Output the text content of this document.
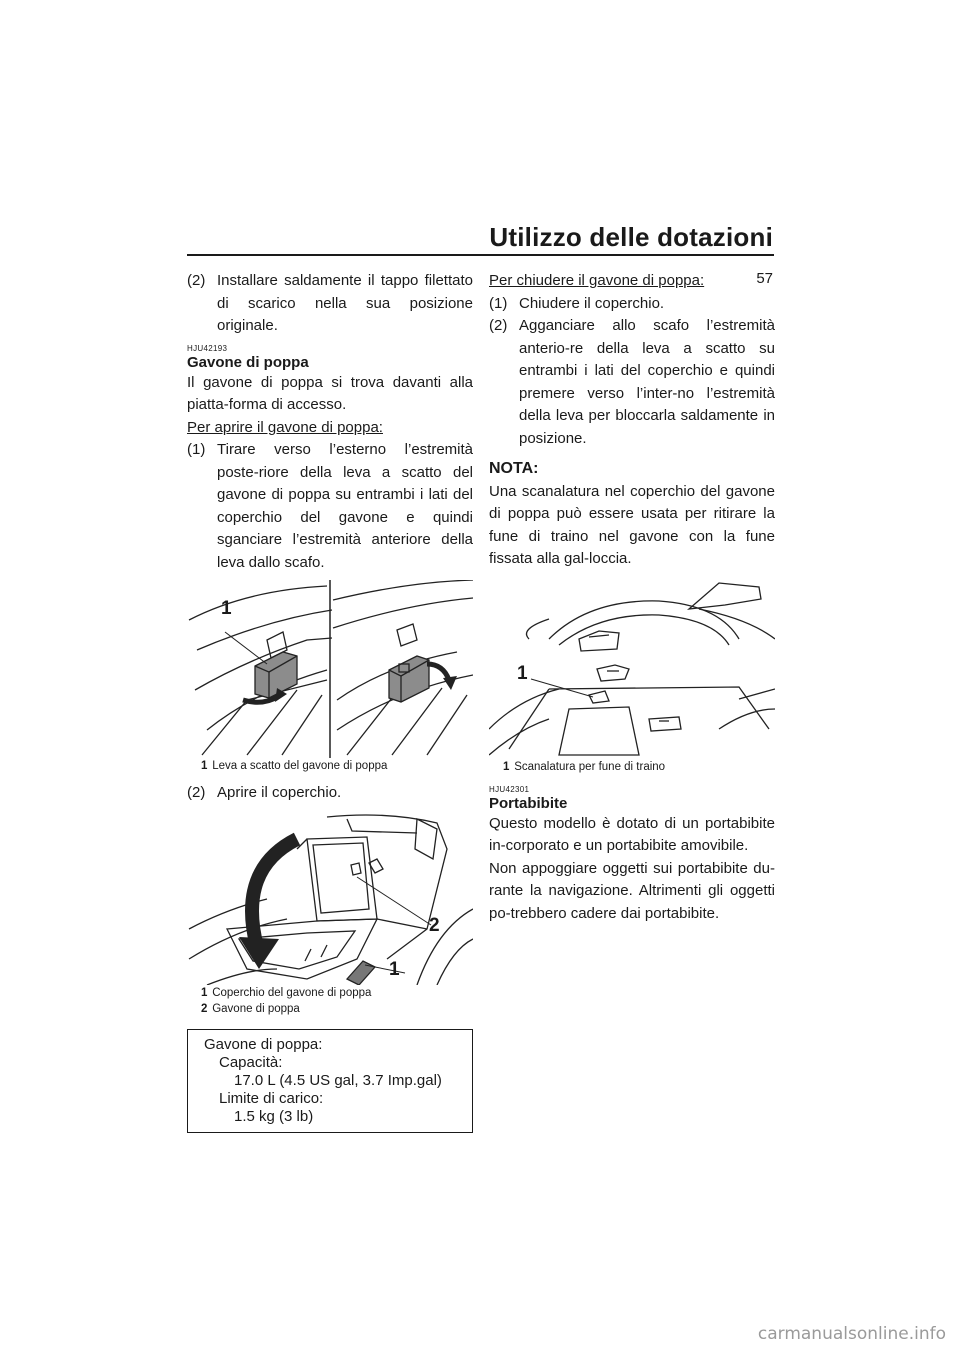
Utilizzo delle dotazioni
57
(2) Installare saldamente il tappo filettato di scarico nella sua posizione originale.

HJU42193

Gavone di poppa

Il gavone di poppa si trova davanti alla piatta-forma di accesso.

Per aprire il gavone di poppa:

(1) Tirare verso l’esterno l’estremità poste-riore della leva a scatto del gavone di poppa su entrambi i lati del coperchio del gavone e quindi sganciare l’estremità anteriore della leva dallo scafo.
1
1 Leva a scatto del gavone di poppa
(2) Aprire il coperchio.
2
1
1 Coperchio del gavone di poppa
2 Gavone di poppa
Gavone di poppa:
Capacità:
17.0 L (4.5 US gal, 3.7 Imp.gal)
Limite di carico:
1.5 kg (3 lb)

Per chiudere il gavone di poppa:

(1) Chiudere il coperchio.
(2) Agganciare allo scafo l’estremità anterio-re della leva a scatto su entrambi i lati del coperchio e quindi premere verso l’inter-no l’estremità della leva per bloccarla saldamente in posizione.

NOTA:

Una scanalatura nel coperchio del gavone di poppa può essere usata per ritirare la fune di traino nel gavone con la fune fissata alla gal-loccia.

1
1 Scanalatura per fune di traino

HJU42301

Portabibite

Questo modello è dotato di un portabibite in-corporato e un portabibite amovibile.

Non appoggiare oggetti sui portabibite du-rante la navigazione. Altrimenti gli oggetti po-trebbero cadere dai portabibite.

carmanualsonline.info
